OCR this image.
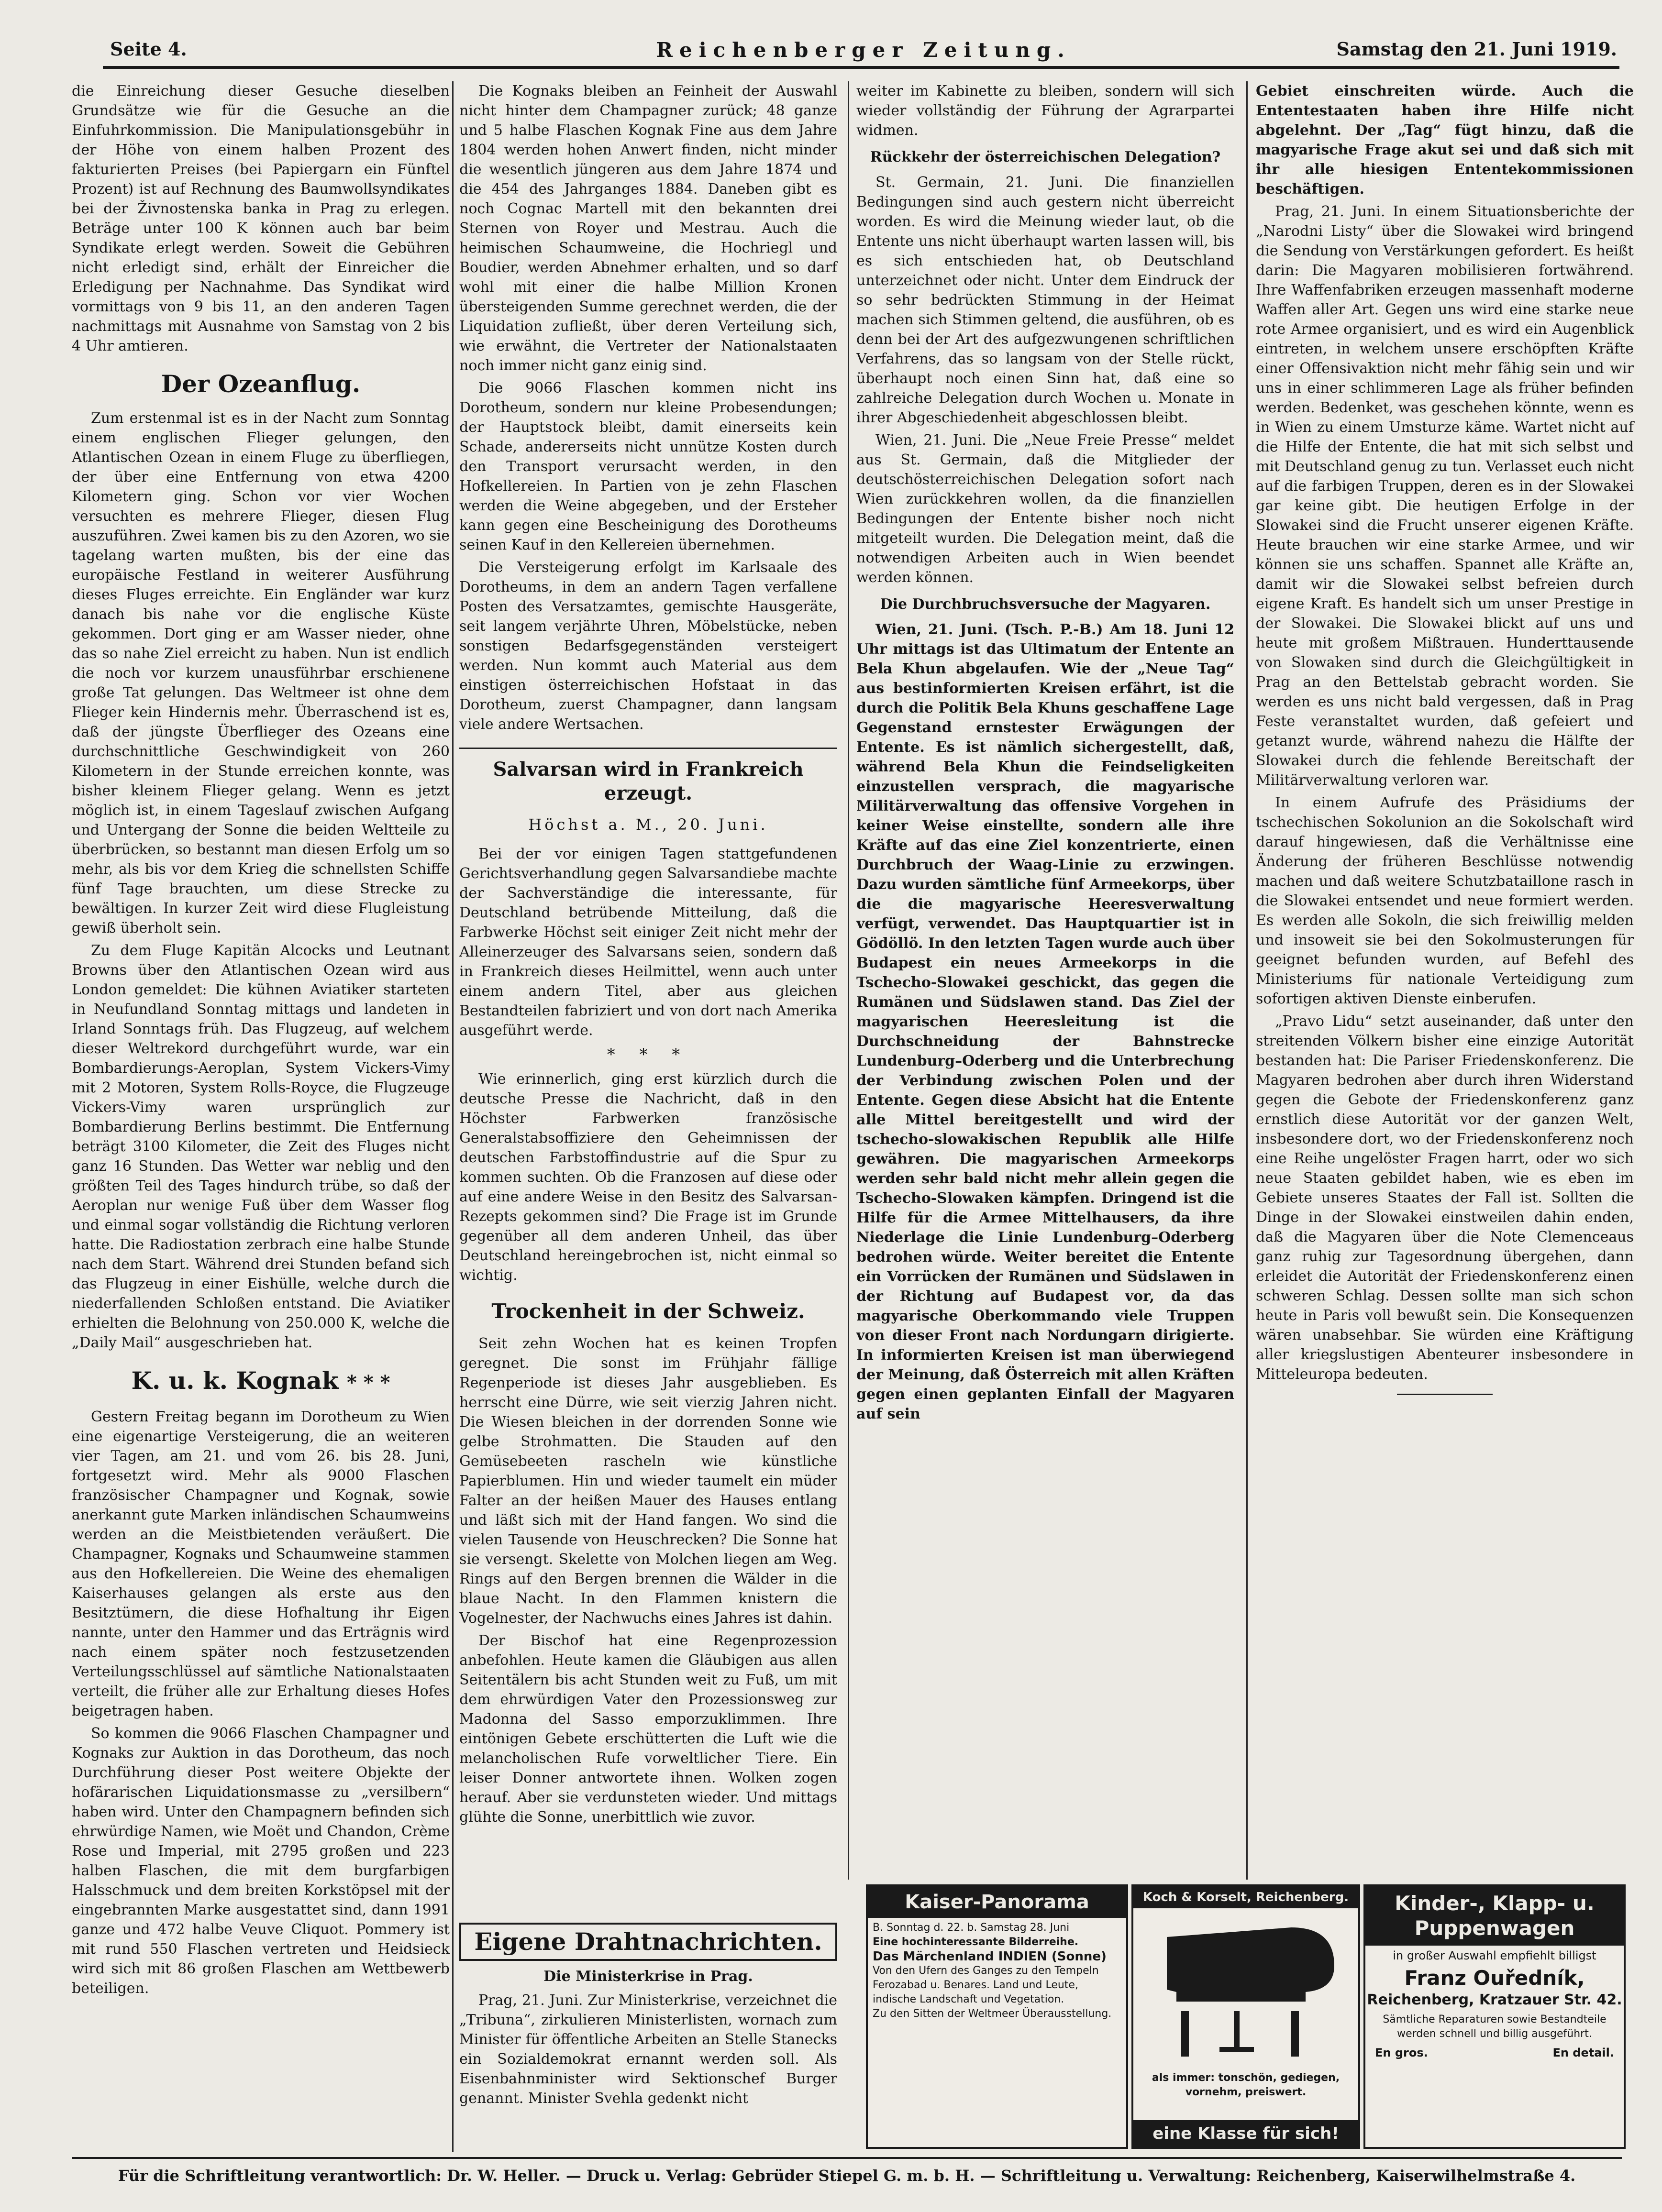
Seite 4.	Reichenberger Zeitung.	Samstag den 21. Juni 1919.

die Einreichung dieser Gesuche dieselben Grundsätze wie für die Gesuche an die Einfuhrkommission. Die Manipulationsgebühr in der Höhe von einem halben Prozent des fakturierten Preises (bei Papiergarn ein Fünftel Prozent) ist auf Rechnung des Baumwollsyndikates bei der Živnostenska banka in Prag zu erlegen. Beträge unter 100 K können auch bar beim Syndikate erlegt werden. Soweit die Gebühren nicht erledigt sind, erhält der Einreicher die Erledigung per Nachnahme. Das Syndikat wird vormittags von 9 bis 11, an den anderen Tagen nachmittags mit Ausnahme von Samstag von 2 bis 4 Uhr amtieren.

Der Ozeanflug.

Zum erstenmal ist es in der Nacht zum Sonntag einem englischen Flieger gelungen, den Atlantischen Ozean in einem Fluge zu überfliegen, der über eine Entfernung von etwa 4200 Kilometern ging. Schon vor vier Wochen versuchten es mehrere Flieger, diesen Flug auszuführen. Zwei kamen bis zu den Azoren, wo sie tagelang warten mußten, bis der eine das europäische Festland in weiterer Ausführung dieses Fluges erreichte. Ein Engländer war kurz danach bis nahe vor die englische Küste gekommen. Dort ging er am Wasser nieder, ohne das so nahe Ziel erreicht zu haben. Nun ist endlich die noch vor kurzem unausführbar erschienene große Tat gelungen. Das Weltmeer ist ohne dem Flieger kein Hindernis mehr. Überraschend ist es, daß der jüngste Überflieger des Ozeans eine durchschnittliche Geschwindigkeit von 260 Kilometern in der Stunde erreichen konnte, was bisher kleinem Flieger gelang. Wenn es jetzt möglich ist, in einem Tageslauf zwischen Aufgang und Untergang der Sonne die beiden Weltteile zu überbrücken, so bestannt man diesen Erfolg um so mehr, als bis vor dem Krieg die schnellsten Schiffe fünf Tage brauchten, um diese Strecke zu bewältigen. In kurzer Zeit wird diese Flugleistung gewiß überholt sein.

Zu dem Fluge Kapitän Alcocks und Leutnant Browns über den Atlantischen Ozean wird aus London gemeldet: Die kühnen Aviatiker starteten in Neufundland Sonntag mittags und landeten in Irland Sonntags früh. Das Flugzeug, auf welchem dieser Weltrekord durchgeführt wurde, war ein Bombardierungs-Aeroplan, System Vickers-Vimy mit 2 Motoren, System Rolls-Royce, die Flugzeuge Vickers-Vimy waren ursprünglich zur Bombardierung Berlins bestimmt. Die Entfernung beträgt 3100 Kilometer, die Zeit des Fluges nicht ganz 16 Stunden. Das Wetter war neblig und den größten Teil des Tages hindurch trübe, so daß der Aeroplan nur wenige Fuß über dem Wasser flog und einmal sogar vollständig die Richtung verloren hatte. Die Radiostation zerbrach eine halbe Stunde nach dem Start. Während drei Stunden befand sich das Flugzeug in einer Eishülle, welche durch die niederfallenden Schloßen entstand. Die Aviatiker erhielten die Belohnung von 250.000 K, welche die „Daily Mail“ ausgeschrieben hat.

K. u. k. Kognak * * *

Gestern Freitag begann im Dorotheum zu Wien eine eigenartige Versteigerung, die an weiteren vier Tagen, am 21. und vom 26. bis 28. Juni, fortgesetzt wird. Mehr als 9000 Flaschen französischer Champagner und Kognak, sowie anerkannt gute Marken inländischen Schaumweins werden an die Meistbietenden veräußert. Die Champagner, Kognaks und Schaumweine stammen aus den Hofkellereien. Die Weine des ehemaligen Kaiserhauses gelangen als erste aus den Besitztümern, die diese Hofhaltung ihr Eigen nannte, unter den Hammer und das Erträgnis wird nach einem später noch festzusetzenden Verteilungsschlüssel auf sämtliche Nationalstaaten verteilt, die früher alle zur Erhaltung dieses Hofes beigetragen haben.

So kommen die 9066 Flaschen Champagner und Kognaks zur Auktion in das Dorotheum, das noch Durchführung dieser Post weitere Objekte der hofärarischen Liquidationsmasse zu „versilbern“ haben wird. Unter den Champagnern befinden sich ehrwürdige Namen, wie Moët und Chandon, Crème Rose und Imperial, mit 2795 großen und 223 halben Flaschen, die mit dem burgfarbigen Halsschmuck und dem breiten Korkstöpsel mit der eingebrannten Marke ausgestattet sind, dann 1991 ganze und 472 halbe Veuve Cliquot. Pommery ist mit rund 550 Flaschen vertreten und Heidsieck wird sich mit 86 großen Flaschen am Wettbewerb beteiligen.

Die Kognaks bleiben an Feinheit der Auswahl nicht hinter dem Champagner zurück; 48 ganze und 5 halbe Flaschen Kognak Fine aus dem Jahre 1804 werden hohen Anwert finden, nicht minder die wesentlich jüngeren aus dem Jahre 1874 und die 454 des Jahrganges 1884. Daneben gibt es noch Cognac Martell mit den bekannten drei Sternen von Royer und Mestrau. Auch die heimischen Schaumweine, die Hochriegl und Boudier, werden Abnehmer erhalten, und so darf wohl mit einer die halbe Million Kronen übersteigenden Summe gerechnet werden, die der Liquidation zufließt, über deren Verteilung sich, wie erwähnt, die Vertreter der Nationalstaaten noch immer nicht ganz einig sind.

Die 9066 Flaschen kommen nicht ins Dorotheum, sondern nur kleine Probesendungen; der Hauptstock bleibt, damit einerseits kein Schade, andererseits nicht unnütze Kosten durch den Transport verursacht werden, in den Hofkellereien. In Partien von je zehn Flaschen werden die Weine abgegeben, und der Ersteher kann gegen eine Bescheinigung des Dorotheums seinen Kauf in den Kellereien übernehmen.

Die Versteigerung erfolgt im Karlsaale des Dorotheums, in dem an andern Tagen verfallene Posten des Versatzamtes, gemischte Hausgeräte, seit langem verjährte Uhren, Möbelstücke, neben sonstigen Bedarfsgegenständen versteigert werden. Nun kommt auch Material aus dem einstigen österreichischen Hofstaat in das Dorotheum, zuerst Champagner, dann langsam viele andere Wertsachen.

Salvarsan wird in Frankreich erzeugt.
Höchst a. M., 20. Juni.

Bei der vor einigen Tagen stattgefundenen Gerichtsverhandlung gegen Salvarsandiebe machte der Sachverständige die interessante, für Deutschland betrübende Mitteilung, daß die Farbwerke Höchst seit einiger Zeit nicht mehr der Alleinerzeuger des Salvarsans seien, sondern daß in Frankreich dieses Heilmittel, wenn auch unter einem andern Titel, aber aus gleichen Bestandteilen fabriziert und von dort nach Amerika ausgeführt werde.

* * *

Wie erinnerlich, ging erst kürzlich durch die deutsche Presse die Nachricht, daß in den Höchster Farbwerken französische Generalstabsoffiziere den Geheimnissen der deutschen Farbstoffindustrie auf die Spur zu kommen suchten. Ob die Franzosen auf diese oder auf eine andere Weise in den Besitz des Salvarsan-Rezepts gekommen sind? Die Frage ist im Grunde gegenüber all dem anderen Unheil, das über Deutschland hereingebrochen ist, nicht einmal so wichtig.

Trockenheit in der Schweiz.

Seit zehn Wochen hat es keinen Tropfen geregnet. Die sonst im Frühjahr fällige Regenperiode ist dieses Jahr ausgeblieben. Es herrscht eine Dürre, wie seit vierzig Jahren nicht. Die Wiesen bleichen in der dorrenden Sonne wie gelbe Strohmatten. Die Stauden auf den Gemüsebeeten rascheln wie künstliche Papierblumen. Hin und wieder taumelt ein müder Falter an der heißen Mauer des Hauses entlang und läßt sich mit der Hand fangen. Wo sind die vielen Tausende von Heuschrecken? Die Sonne hat sie versengt. Skelette von Molchen liegen am Weg. Rings auf den Bergen brennen die Wälder in die blaue Nacht. In den Flammen knistern die Vogelnester, der Nachwuchs eines Jahres ist dahin.

Der Bischof hat eine Regenprozession anbefohlen. Heute kamen die Gläubigen aus allen Seitentälern bis acht Stunden weit zu Fuß, um mit dem ehrwürdigen Vater den Prozessionsweg zur Madonna del Sasso emporzuklimmen. Ihre eintönigen Gebete erschütterten die Luft wie die melancholischen Rufe vorweltlicher Tiere. Ein leiser Donner antwortete ihnen. Wolken zogen herauf. Aber sie verdunsteten wieder. Und mittags glühte die Sonne, unerbittlich wie zuvor.

weiter im Kabinette zu bleiben, sondern will sich wieder vollständig der Führung der Agrarpartei widmen.

Rückkehr der österreichischen Delegation?

St. Germain, 21. Juni. Die finanziellen Bedingungen sind auch gestern nicht überreicht worden. Es wird die Meinung wieder laut, ob die Entente uns nicht überhaupt warten lassen will, bis es sich entschieden hat, ob Deutschland unterzeichnet oder nicht. Unter dem Eindruck der so sehr bedrückten Stimmung in der Heimat machen sich Stimmen geltend, die ausführen, ob es denn bei der Art des aufgezwungenen schriftlichen Verfahrens, das so langsam von der Stelle rückt, überhaupt noch einen Sinn hat, daß eine so zahlreiche Delegation durch Wochen u. Monate in ihrer Abgeschiedenheit abgeschlossen bleibt.

Wien, 21. Juni. Die „Neue Freie Presse“ meldet aus St. Germain, daß die Mitglieder der deutschösterreichischen Delegation sofort nach Wien zurückkehren wollen, da die finanziellen Bedingungen der Entente bisher noch nicht mitgeteilt wurden. Die Delegation meint, daß die notwendigen Arbeiten auch in Wien beendet werden können.

Die Durchbruchsversuche der Magyaren.

Wien, 21. Juni. (Tsch. P.-B.) Am 18. Juni 12 Uhr mittags ist das Ultimatum der Entente an Bela Khun abgelaufen. Wie der „Neue Tag“ aus bestinformierten Kreisen erfährt, ist die durch die Politik Bela Khuns geschaffene Lage Gegenstand ernstester Erwägungen der Entente. Es ist nämlich sichergestellt, daß, während Bela Khun die Feindseligkeiten einzustellen versprach, die magyarische Militärverwaltung das offensive Vorgehen in keiner Weise einstellte, sondern alle ihre Kräfte auf das eine Ziel konzentrierte, einen Durchbruch der Waag-Linie zu erzwingen. Dazu wurden sämtliche fünf Armeekorps, über die die magyarische Heeresverwaltung verfügt, verwendet. Das Hauptquartier ist in Gödöllö. In den letzten Tagen wurde auch über Budapest ein neues Armeekorps in die Tschecho-Slowakei geschickt, das gegen die Rumänen und Südslawen stand. Das Ziel der magyarischen Heeresleitung ist die Durchschneidung der Bahnstrecke Lundenburg–Oderberg und die Unterbrechung der Verbindung zwischen Polen und der Entente. Gegen diese Absicht hat die Entente alle Mittel bereitgestellt und wird der tschecho-slowakischen Republik alle Hilfe gewähren. Die magyarischen Armeekorps werden sehr bald nicht mehr allein gegen die Tschecho-Slowaken kämpfen. Dringend ist die Hilfe für die Armee Mittelhausers, da ihre Niederlage die Linie Lundenburg–Oderberg bedrohen würde. Weiter bereitet die Entente ein Vorrücken der Rumänen und Südslawen in der Richtung auf Budapest vor, da das magyarische Oberkommando viele Truppen von dieser Front nach Nordungarn dirigierte. In informierten Kreisen ist man überwiegend der Meinung, daß Österreich mit allen Kräften gegen einen geplanten Einfall der Magyaren auf sein

Gebiet einschreiten würde. Auch die Ententestaaten haben ihre Hilfe nicht abgelehnt. Der „Tag“ fügt hinzu, daß die magyarische Frage akut sei und daß sich mit ihr alle hiesigen Ententekommissionen beschäftigen.

Prag, 21. Juni. In einem Situationsberichte der „Narodni Listy“ über die Slowakei wird bringend die Sendung von Verstärkungen gefordert. Es heißt darin: Die Magyaren mobilisieren fortwährend. Ihre Waffenfabriken erzeugen massenhaft moderne Waffen aller Art. Gegen uns wird eine starke neue rote Armee organisiert, und es wird ein Augenblick eintreten, in welchem unsere erschöpften Kräfte einer Offensivaktion nicht mehr fähig sein und wir uns in einer schlimmeren Lage als früher befinden werden. Bedenket, was geschehen könnte, wenn es in Wien zu einem Umsturze käme. Wartet nicht auf die Hilfe der Entente, die hat mit sich selbst und mit Deutschland genug zu tun. Verlasset euch nicht auf die farbigen Truppen, deren es in der Slowakei gar keine gibt. Die heutigen Erfolge in der Slowakei sind die Frucht unserer eigenen Kräfte. Heute brauchen wir eine starke Armee, und wir können sie uns schaffen. Spannet alle Kräfte an, damit wir die Slowakei selbst befreien durch eigene Kraft. Es handelt sich um unser Prestige in der Slowakei. Die Slowakei blickt auf uns und heute mit großem Mißtrauen. Hunderttausende von Slowaken sind durch die Gleichgültigkeit in Prag an den Bettelstab gebracht worden. Sie werden es uns nicht bald vergessen, daß in Prag Feste veranstaltet wurden, daß gefeiert und getanzt wurde, während nahezu die Hälfte der Slowakei durch die fehlende Bereitschaft der Militärverwaltung verloren war.

In einem Aufrufe des Präsidiums der tschechischen Sokolunion an die Sokolschaft wird darauf hingewiesen, daß die Verhältnisse eine Änderung der früheren Beschlüsse notwendig machen und daß weitere Schutzbataillone rasch in die Slowakei entsendet und neue formiert werden. Es werden alle Sokoln, die sich freiwillig melden und insoweit sie bei den Sokolmusterungen für geeignet befunden wurden, auf Befehl des Ministeriums für nationale Verteidigung zum sofortigen aktiven Dienste einberufen.

„Pravo Lidu“ setzt auseinander, daß unter den streitenden Völkern bisher eine einzige Autorität bestanden hat: Die Pariser Friedenskonferenz. Die Magyaren bedrohen aber durch ihren Widerstand gegen die Gebote der Friedenskonferenz ganz ernstlich diese Autorität vor der ganzen Welt, insbesondere dort, wo der Friedenskonferenz noch eine Reihe ungelöster Fragen harrt, oder wo sich neue Staaten gebildet haben, wie es eben im Gebiete unseres Staates der Fall ist. Sollten die Dinge in der Slowakei einstweilen dahin enden, daß die Magyaren über die Note Clemenceaus ganz ruhig zur Tagesordnung übergehen, dann erleidet die Autorität der Friedenskonferenz einen schweren Schlag. Dessen sollte man sich schon heute in Paris voll bewußt sein. Die Konsequenzen wären unabsehbar. Sie würden eine Kräftigung aller kriegslustigen Abenteurer insbesondere in Mitteleuropa bedeuten.

Eigene Drahtnachrichten.
Die Ministerkrise in Prag.

Prag, 21. Juni. Zur Ministerkrise, verzeichnet die „Tribuna“, zirkulieren Ministerlisten, wornach zum Minister für öffentliche Arbeiten an Stelle Stanecks ein Sozialdemokrat ernannt werden soll. Als Eisenbahnminister wird Sektionschef Burger genannt. Minister Svehla gedenkt nicht

Kaiser-Panorama
B. Sonntag d. 22. b. Samstag 28. Juni
Eine hochinteressante Bilderreihe.
Das Märchenland INDIEN (Sonne)
Von den Ufern des Ganges zu den Tempeln
Ferozabad u. Benares. Land und Leute, indische Landschaft und Vegetation.
Zu den Sitten der Weltmeer Überausstellung.
Koch & Korselt, Reichenberg.
als immer: tonschön, gediegen, vornehm, preiswert.
eine Klasse für sich!
Kinder-, Klapp- u. Puppenwagen
in großer Auswahl empfiehlt billigst
Franz Ouředník,
Reichenberg, Kratzauer Str. 42.
Sämtliche Reparaturen sowie Bestandteile werden schnell und billig ausgeführt.
En gros.	En detail.
Für die Schriftleitung verantwortlich: Dr. W. Heller. — Druck u. Verlag: Gebrüder Stiepel G. m. b. H. — Schriftleitung u. Verwaltung: Reichenberg, Kaiserwilhelmstraße 4.
